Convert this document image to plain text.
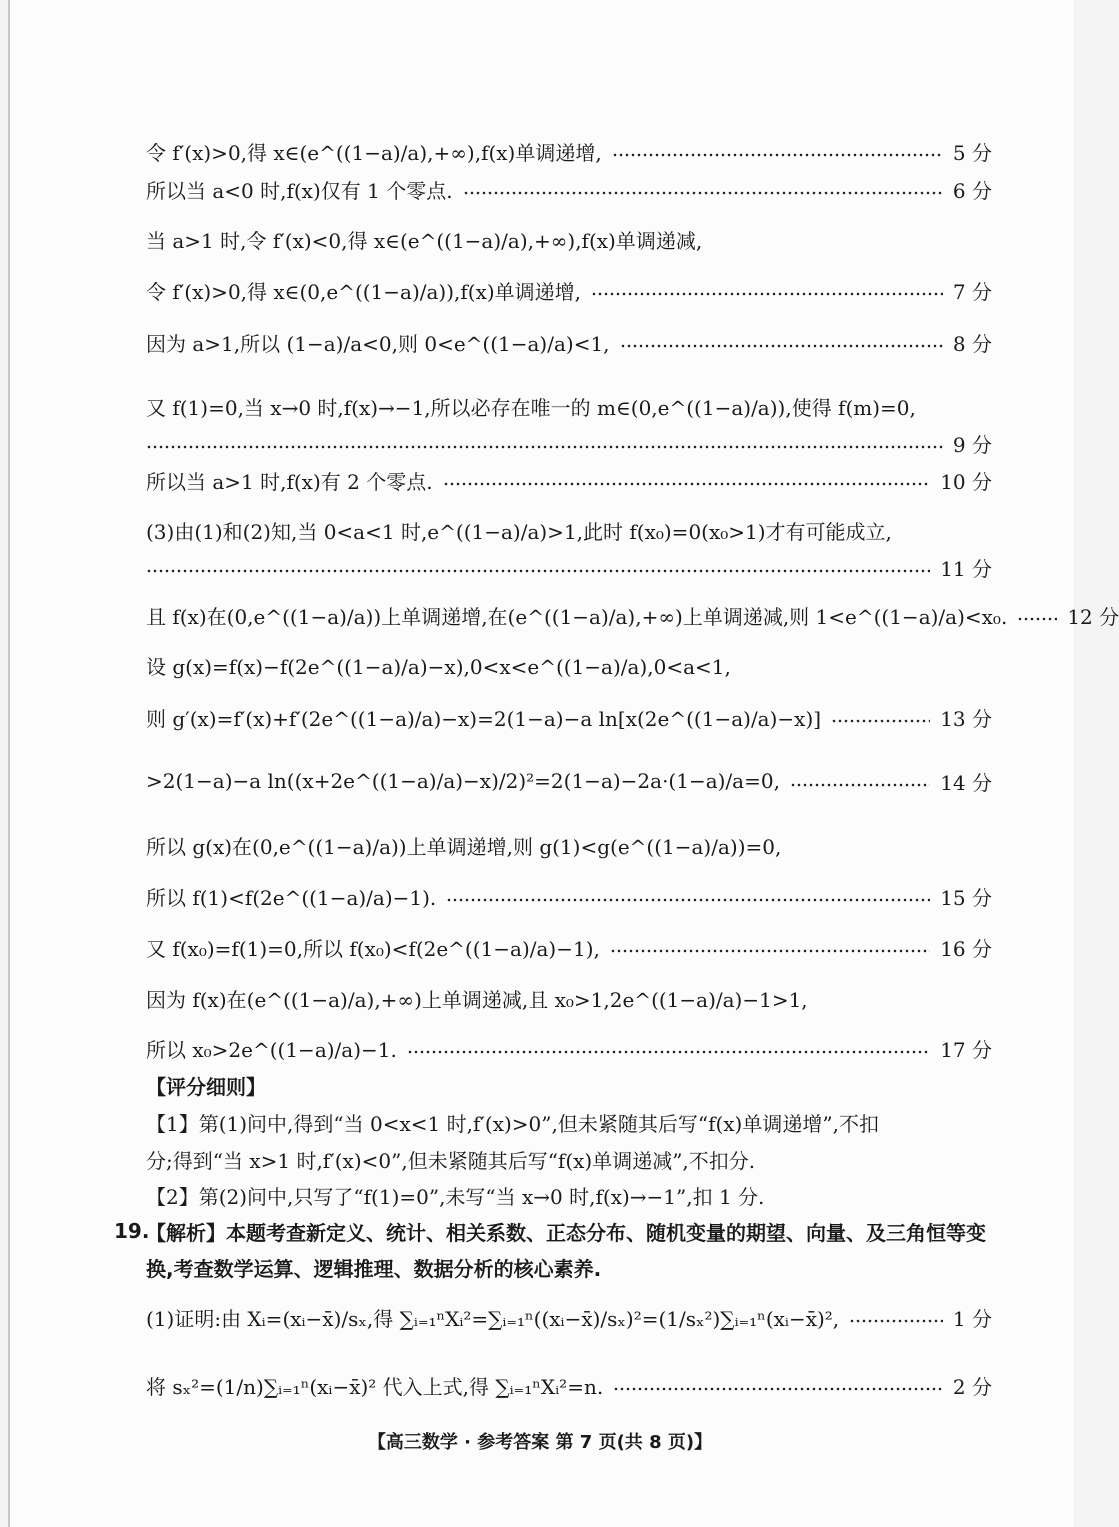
令 f′(x)>0,得 x∈(e^((1−a)/a),+∞),f(x)单调递增,	5 分
所以当 a<0 时,f(x)仅有 1 个零点.	6 分
当 a>1 时,令 f′(x)<0,得 x∈(e^((1−a)/a),+∞),f(x)单调递减,
令 f′(x)>0,得 x∈(0,e^((1−a)/a)),f(x)单调递增,	7 分
因为 a>1,所以 (1−a)/a<0,则 0<e^((1−a)/a)<1,	8 分
又 f(1)=0,当 x→0 时,f(x)→−1,所以必存在唯一的 m∈(0,e^((1−a)/a)),使得 f(m)=0,
9 分
所以当 a>1 时,f(x)有 2 个零点.	10 分
(3)由(1)和(2)知,当 0<a<1 时,e^((1−a)/a)>1,此时 f(x₀)=0(x₀>1)才有可能成立,
11 分
且 f(x)在(0,e^((1−a)/a))上单调递增,在(e^((1−a)/a),+∞)上单调递减,则 1<e^((1−a)/a)<x₀.	12 分
设 g(x)=f(x)−f(2e^((1−a)/a)−x),0<x<e^((1−a)/a),0<a<1,
则 g′(x)=f′(x)+f′(2e^((1−a)/a)−x)=2(1−a)−a ln[x(2e^((1−a)/a)−x)]	13 分
>2(1−a)−a ln((x+2e^((1−a)/a)−x)/2)²=2(1−a)−2a·(1−a)/a=0,	14 分
所以 g(x)在(0,e^((1−a)/a))上单调递增,则 g(1)<g(e^((1−a)/a))=0,
所以 f(1)<f(2e^((1−a)/a)−1).	15 分
又 f(x₀)=f(1)=0,所以 f(x₀)<f(2e^((1−a)/a)−1),	16 分
因为 f(x)在(e^((1−a)/a),+∞)上单调递减,且 x₀>1,2e^((1−a)/a)−1>1,
所以 x₀>2e^((1−a)/a)−1.	17 分
【评分细则】
【1】第(1)问中,得到“当 0<x<1 时,f′(x)>0”,但未紧随其后写“f(x)单调递增”,不扣
分;得到“当 x>1 时,f′(x)<0”,但未紧随其后写“f(x)单调递减”,不扣分.
【2】第(2)问中,只写了“f(1)=0”,未写“当 x→0 时,f(x)→−1”,扣 1 分.
19.
【解析】本题考查新定义、统计、相关系数、正态分布、随机变量的期望、向量、及三角恒等变
换,考查数学运算、逻辑推理、数据分析的核心素养.
(1)证明:由 Xᵢ=(xᵢ−x̄)/sₓ,得 ∑ᵢ₌₁ⁿXᵢ²=∑ᵢ₌₁ⁿ((xᵢ−x̄)/sₓ)²=(1/sₓ²)∑ᵢ₌₁ⁿ(xᵢ−x̄)²,	1 分
将 sₓ²=(1/n)∑ᵢ₌₁ⁿ(xᵢ−x̄)² 代入上式,得 ∑ᵢ₌₁ⁿXᵢ²=n.	2 分
【高三数学 · 参考答案 第 7 页(共 8 页)】
